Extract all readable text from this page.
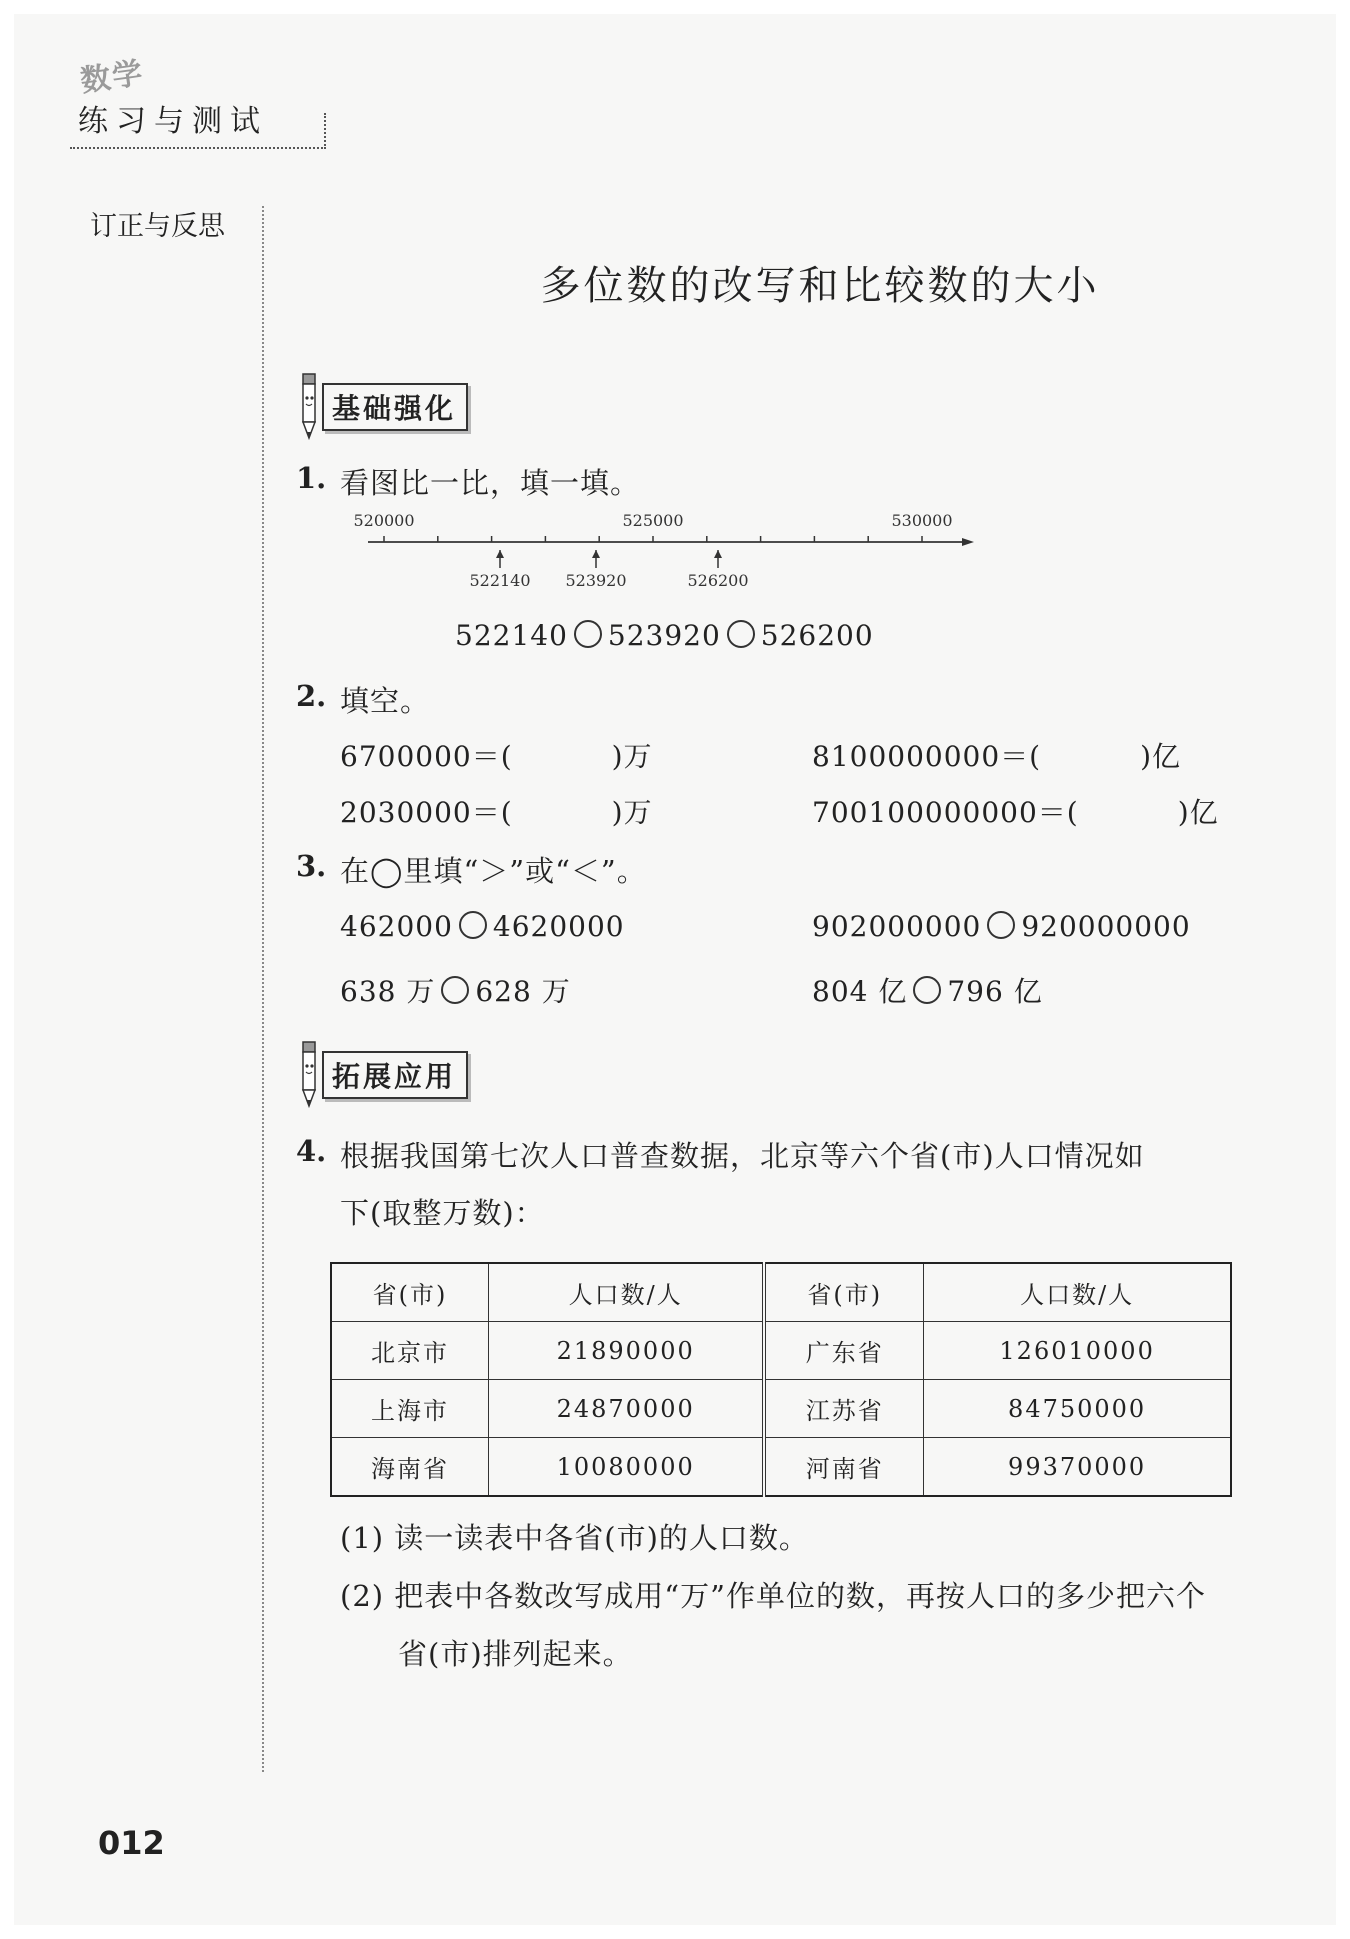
数学
练习与测试
订正与反思
多位数的改写和比较数的大小
基础强化
1. 看图比一比，填一填。
520000	525000	530000
522140 523920	526200
522140 523920 526200
2. 填空。
6700000＝(          )万	8100000000＝(          )亿
2030000＝(          )万	700100000000＝(          )亿
3. 在◯里填“＞”或“＜”。
462000 4620000	902000000 920000000
638 万 628 万	804 亿 796 亿
拓展应用
4. 根据我国第七次人口普查数据，北京等六个省(市)人口情况如
下(取整万数)：
省(市)	人口数/人	省(市)	人口数/人
北京市	21890000	广东省	126010000
上海市	24870000	江苏省	84750000
海南省	10080000	河南省	99370000
(1) 读一读表中各省(市)的人口数。
(2) 把表中各数改写成用“万”作单位的数，再按人口的多少把六个
省(市)排列起来。
012
